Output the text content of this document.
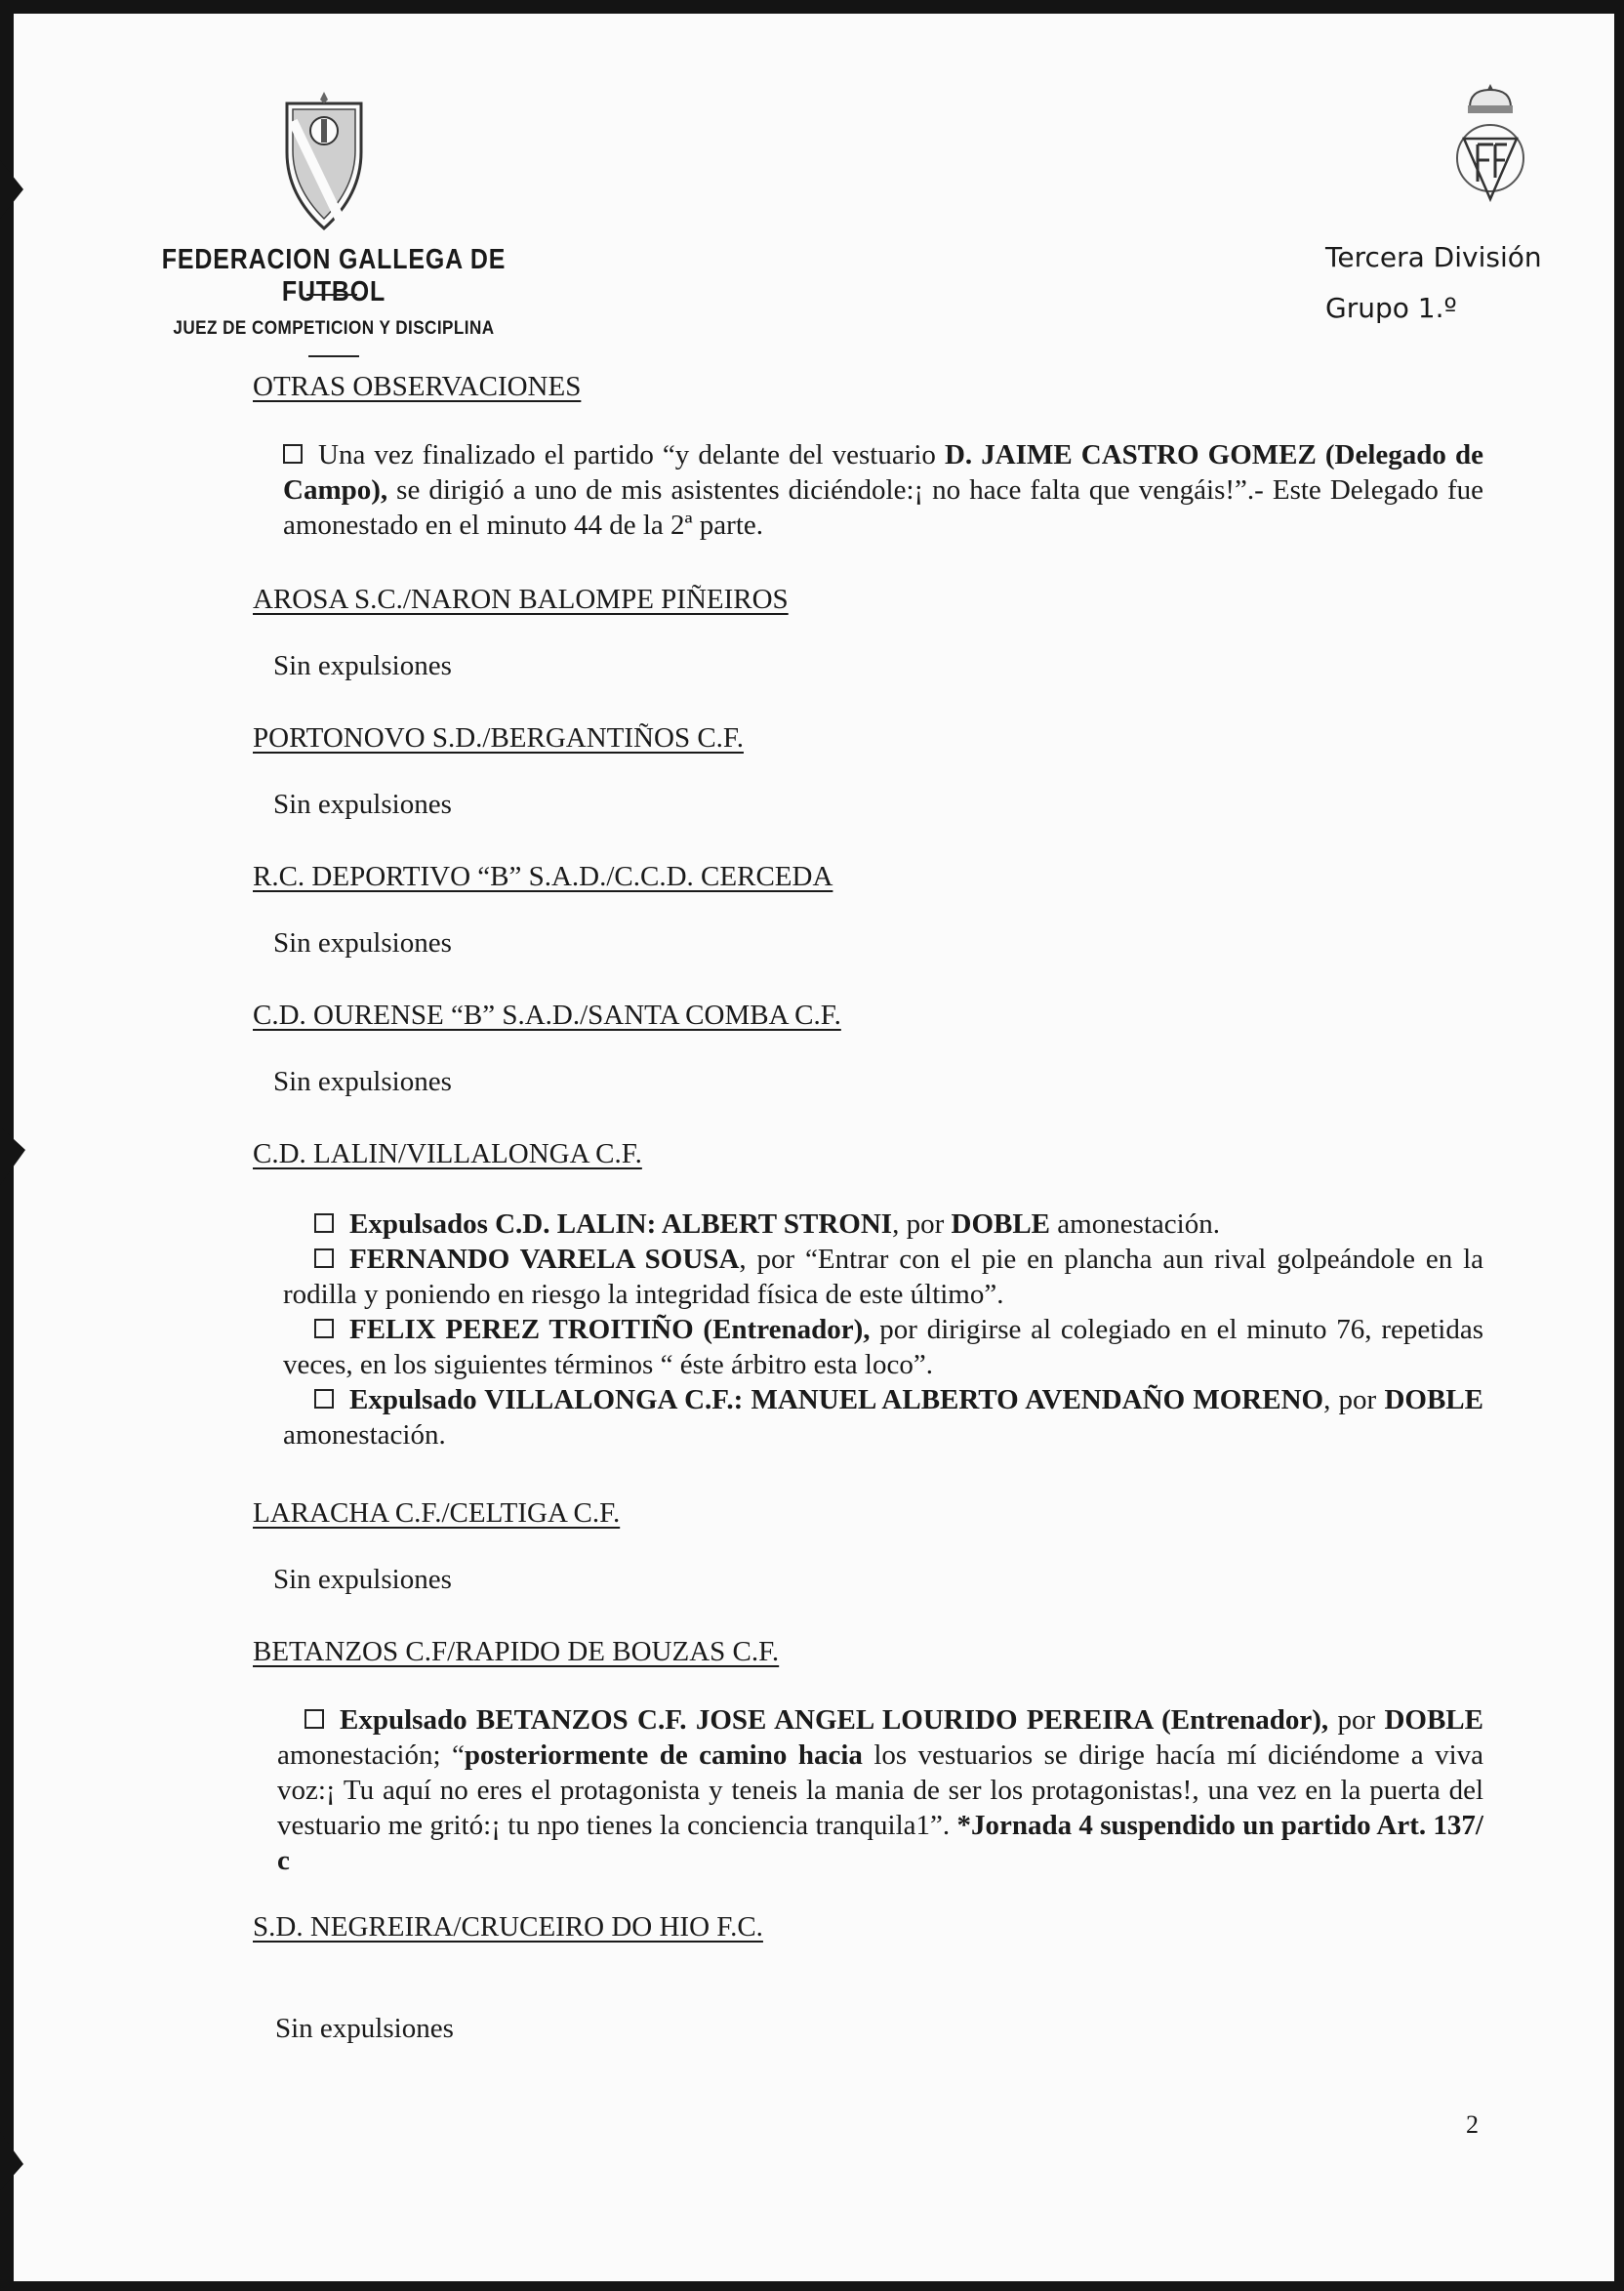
FEDERACION GALLEGA DE FUTBOL
JUEZ DE COMPETICION Y DISCIPLINA
Tercera División
Grupo 1.º
OTRAS OBSERVACIONES

Una vez finalizado el partido “y delante del vestuario D. JAIME CASTRO GOMEZ (Delegado de Campo), se dirigió a uno de mis asistentes diciéndole:¡ no hace falta que vengáis!”.- Este Delegado fue amonestado en el minuto 44 de la 2ª parte.

AROSA S.C./NARON BALOMPE PIÑEIROS
Sin expulsiones
PORTONOVO S.D./BERGANTIÑOS C.F.
Sin expulsiones
R.C. DEPORTIVO “B” S.A.D./C.C.D. CERCEDA
Sin expulsiones
C.D. OURENSE “B” S.A.D./SANTA COMBA C.F.
Sin expulsiones
C.D. LALIN/VILLALONGA C.F.

Expulsados C.D. LALIN: ALBERT STRONI, por DOBLE amonestación.

FERNANDO VARELA SOUSA, por “Entrar con el pie en plancha aun rival golpeándole en la rodilla y poniendo en riesgo la integridad física de este último”.

FELIX PEREZ TROITIÑO (Entrenador), por dirigirse al colegiado en el minuto 76, repetidas veces, en los siguientes términos “ éste árbitro esta loco”.

Expulsado VILLALONGA C.F.: MANUEL ALBERTO AVENDAÑO MORENO, por DOBLE amonestación.

LARACHA C.F./CELTIGA C.F.
Sin expulsiones
BETANZOS C.F/RAPIDO DE BOUZAS C.F.

Expulsado BETANZOS C.F. JOSE ANGEL LOURIDO PEREIRA (Entrenador), por DOBLE amonestación; “posteriormente de camino hacia los vestuarios se dirige hacía mí diciéndome a viva voz:¡ Tu aquí no eres el protagonista y teneis la mania de ser los protagonistas!, una vez en la puerta del vestuario me gritó:¡ tu npo tienes la conciencia tranquila1”. *Jornada 4 suspendido un partido Art. 137/ c

S.D. NEGREIRA/CRUCEIRO DO HIO F.C.
Sin expulsiones
2
